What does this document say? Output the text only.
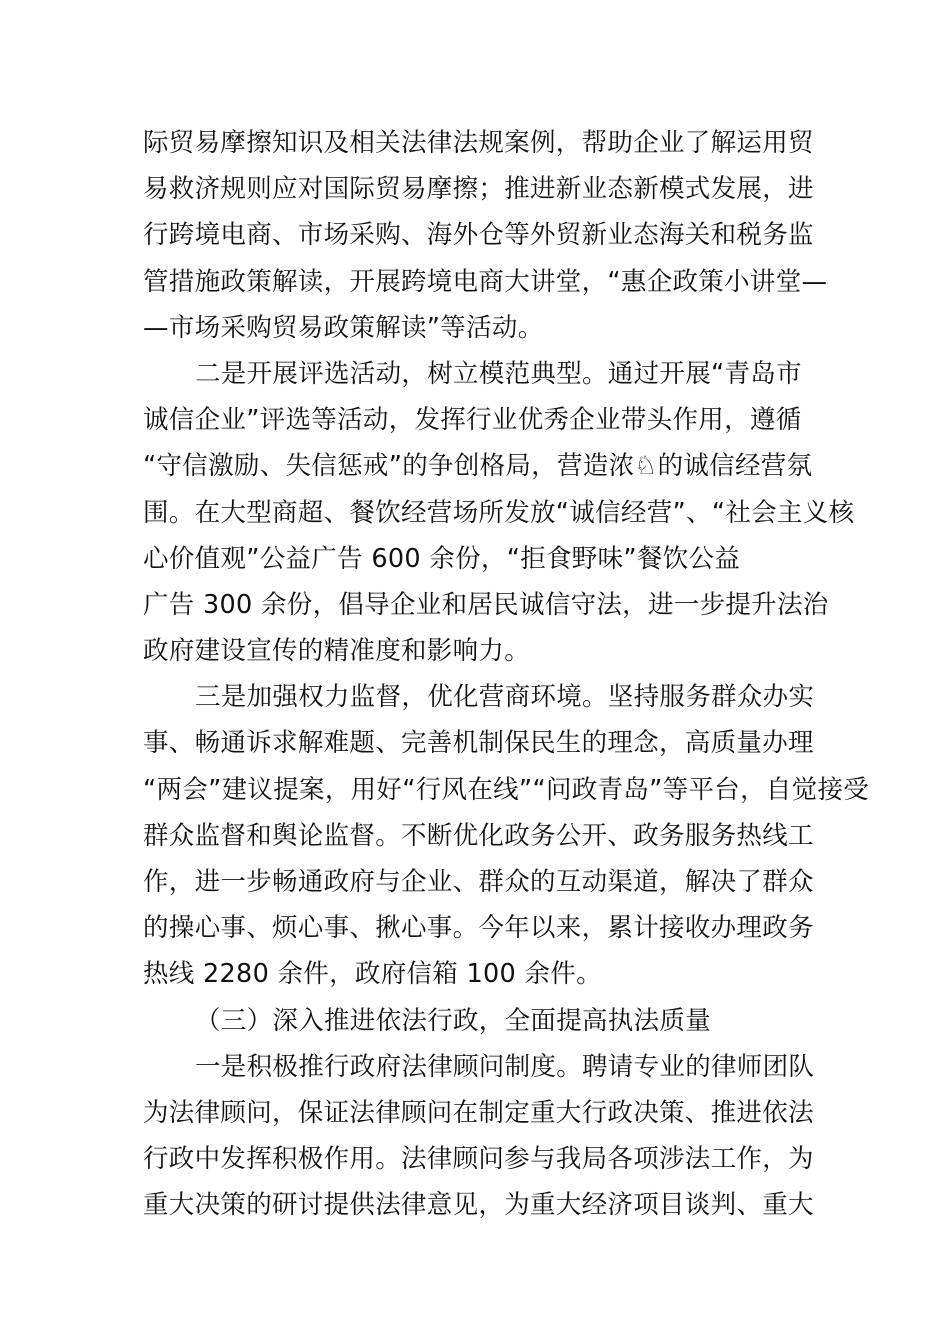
际贸易摩擦知识及相关法律法规案例，帮助企业了解运用贸
易救济规则应对国际贸易摩擦；推进新业态新模式发展，进
行跨境电商、市场采购、海外仓等外贸新业态海关和税务监
管措施政策解读，开展跨境电商大讲堂，“惠企政策小讲堂—
—市场采购贸易政策解读”等活动。
二是开展评选活动，树立模范典型。通过开展“青岛市
诚信企业”评选等活动，发挥行业优秀企业带头作用，遵循
“守信激励、失信惩戒”的争创格局，营造浓♘的诚信经营氛
围。在大型商超、餐饮经营场所发放“诚信经营”、“社会主义核
心价值观”公益广告 600 余份，“拒食野味”餐饮公益
广告 300 余份，倡导企业和居民诚信守法，进一步提升法治
政府建设宣传的精准度和影响力。
三是加强权力监督，优化营商环境。坚持服务群众办实
事、畅通诉求解难题、完善机制保民生的理念，高质量办理
“两会”建议提案，用好“行风在线”“问政青岛”等平台，自觉接受
群众监督和舆论监督。不断优化政务公开、政务服务热线工
作，进一步畅通政府与企业、群众的互动渠道，解决了群众
的操心事、烦心事、揪心事。今年以来，累计接收办理政务
热线 2280 余件，政府信箱 100 余件。
（三）深入推进依法行政，全面提高执法质量
一是积极推行政府法律顾问制度。聘请专业的律师团队
为法律顾问，保证法律顾问在制定重大行政决策、推进依法
行政中发挥积极作用。法律顾问参与我局各项涉法工作，为
重大决策的研讨提供法律意见，为重大经济项目谈判、重大
